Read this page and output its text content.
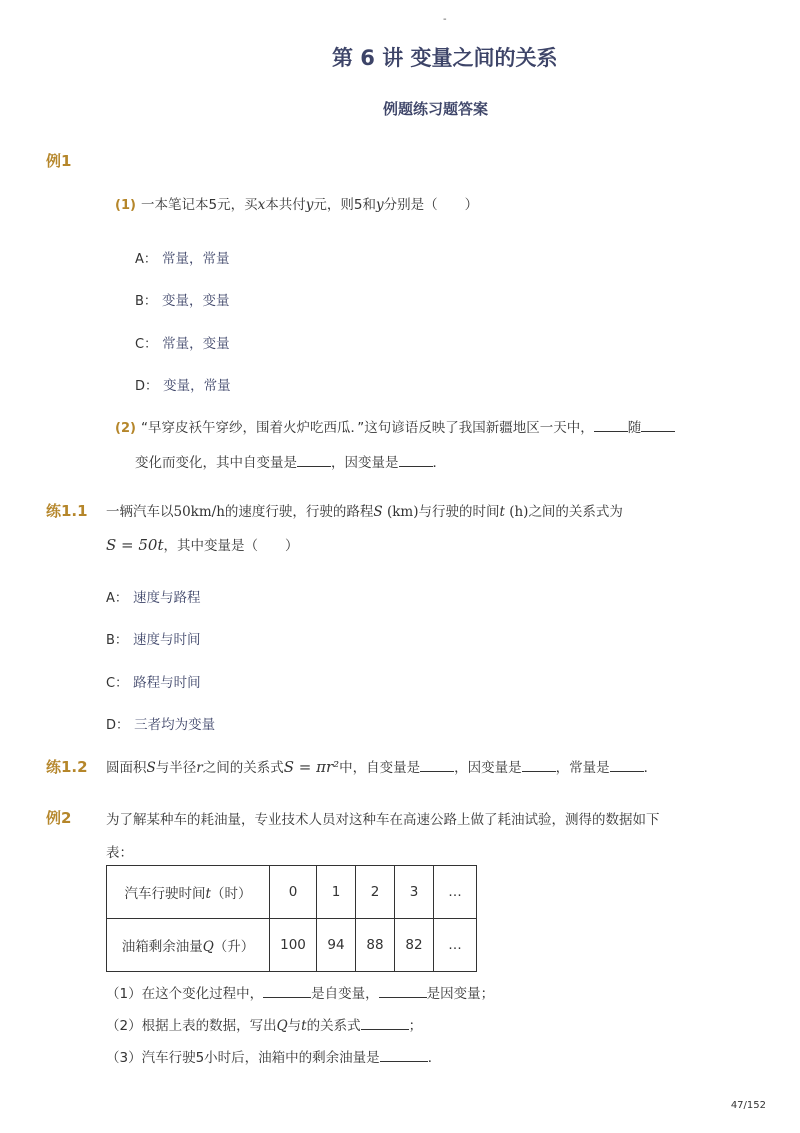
-
第 6 讲 变量之间的关系
例题练习题答案
例1
(1) 一本笔记本5元，买x本共付y元，则5和y分别是（　　）
A： 常量，常量
B： 变量，变量
C： 常量，变量
D： 变量，常量
(2) “早穿皮袄午穿纱，围着火炉吃西瓜．”这句谚语反映了我国新疆地区一天中，	随
变化而变化，其中自变量是	，因变量是	．
练1.1 一辆汽车以50km/h的速度行驶，行驶的路程S (km)与行驶的时间t (h)之间的关系式为
S = 50t，其中变量是（　　）
A： 速度与路程
B： 速度与时间
C： 路程与时间
D： 三者均为变量
练1.2 圆面积S与半径r之间的关系式S = πr²中，自变量是	，因变量是	，常量是	．
例2	为了解某种车的耗油量，专业技术人员对这种车在高速公路上做了耗油试验，测得的数据如下
表：
汽车行驶时间t（时）	0	1	2	3	…
油箱剩余油量Q（升）	100	94	88	82	…
（1）在这个变化过程中，	是自变量，	是因变量；
（2）根据上表的数据，写出Q与t的关系式	；
（3）汽车行驶5小时后，油箱中的剩余油量是	．
47/152
